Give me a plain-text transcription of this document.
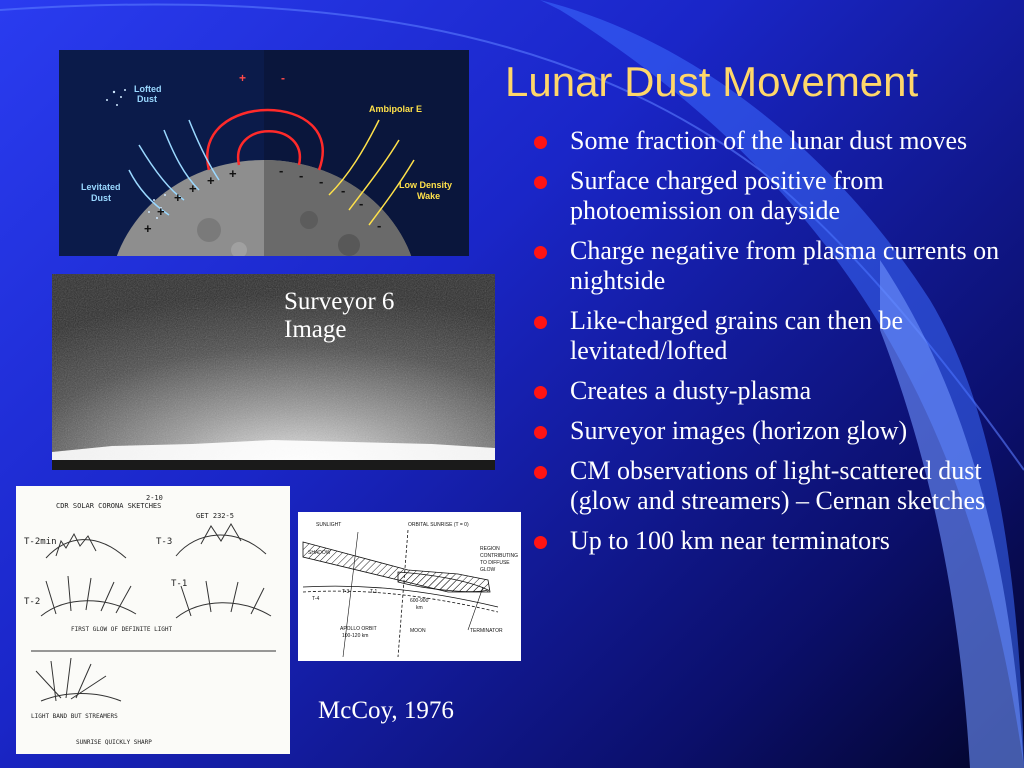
Lofted
Dust
Levitated
Dust
Ambipolar E
Low Density
Wake
+
+
+
+
+ +	- - -
-
-
-
+	-	Lunar Dust Movement
Some fraction of the lunar dust moves
Surface charged positive from photoemission on dayside
Charge negative from plasma currents on nightside
Like-charged grains can then be levitated/lofted
Creates a dusty-plasma
Surveyor images (horizon glow)
CM observations of light-scattered dust (glow and streamers) – Cernan sketches
Up to 100 km near terminators
Surveyor 6
Image
CDR SOLAR CORONA SKETCHES
2-10
GET 232-5
T-2min	T-3
T-2
T-1
FIRST GLOW OF DEFINITE LIGHT
LIGHT BAND BUT STREAMERS
SUNRISE QUICKLY SHARP
SUNLIGHT	ORBITAL SUNRISE (T = 0)
REGION
CONTRIBUTING
TO DIFFUSE
GLOW
APOLLO ORBIT
100-120 km
600-900
km
MOON	TERMINATOR
T-4
T-3	T-1
McCoy, 1976
